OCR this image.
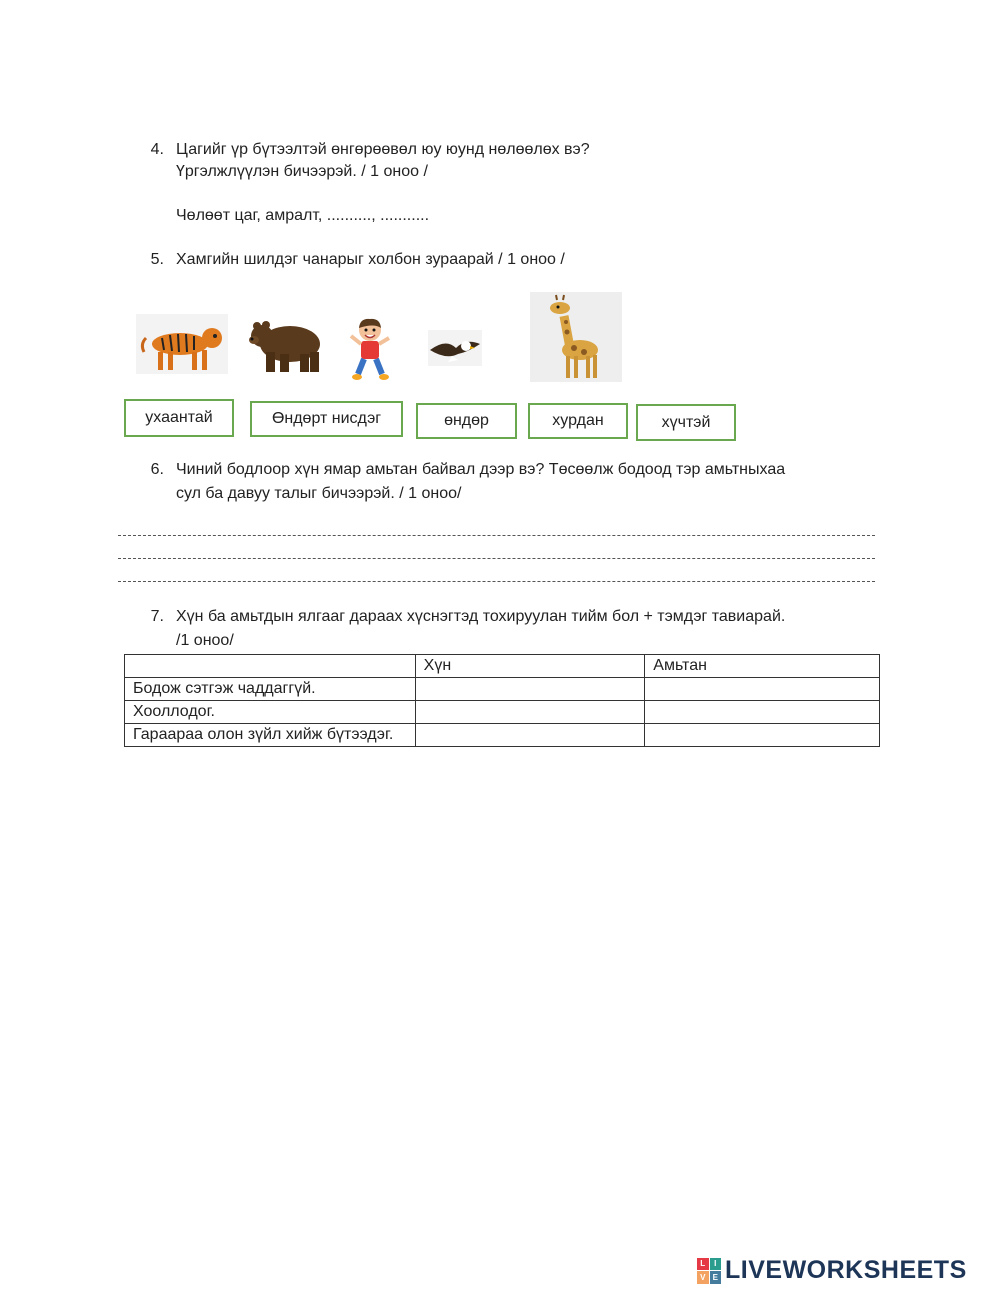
4. Цагийг үр бүтээлтэй өнгөрөөвөл юу юунд нөлөөлөх вэ?
Үргэлжлүүлэн бичээрэй. / 1 оноо /
Чөлөөт цаг, амралт, .........., ...........
5. Хамгийн шилдэг чанарыг холбон зураарай / 1 оноо /
ухаантай	Өндөрт нисдэг	өндөр	хурдан	хүчтэй
6. Чиний бодлоор хүн ямар амьтан байвал дээр вэ? Төсөөлж бодоод тэр амьтныхаа
сул ба давуу талыг бичээрэй. / 1 оноо/
7. Хүн ба амьтдын ялгааг дараах хүснэгтэд тохируулан тийм бол + тэмдэг тавиарай.
/1 оноо/
	Хүн	Амьтан
Бодож сэтгэж чаддаггүй.		
Хооллодог.		
Гараараа олон зүйл хийж бүтээдэг.		
L	I
V E LIVEWORKSHEETS
